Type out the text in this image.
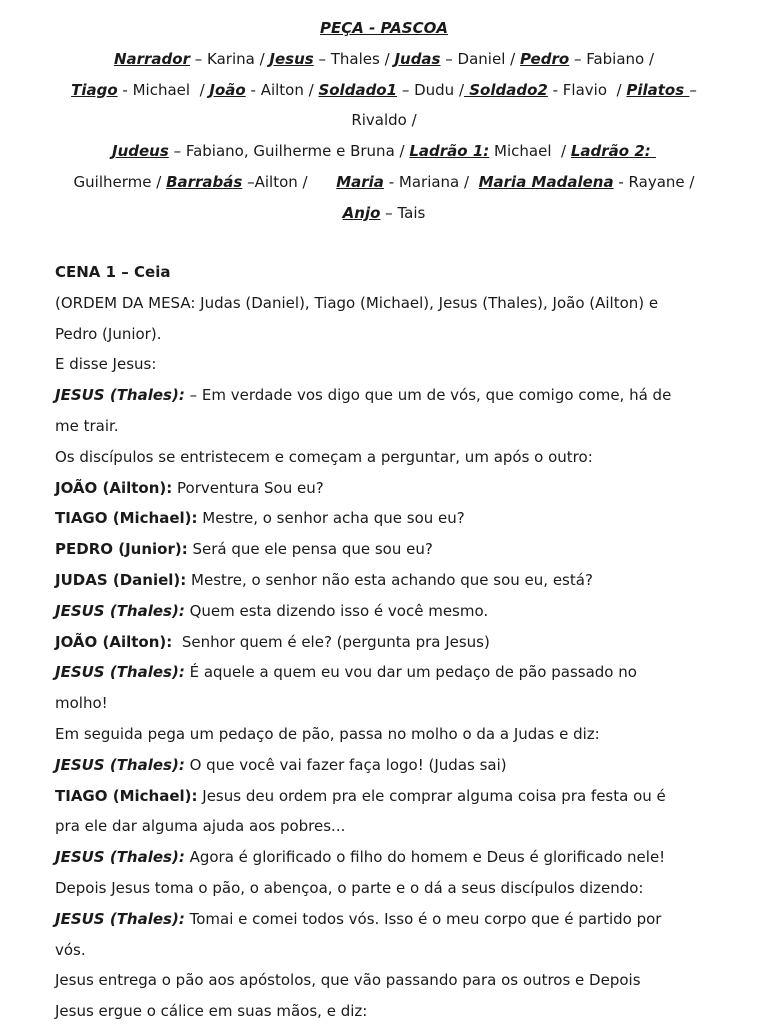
PEÇA - PASCOA
Narrador – Karina / Jesus – Thales / Judas – Daniel / Pedro – Fabiano /
Tiago - Michael  / João - Ailton / Soldado1 – Dudu / Soldado2 - Flavio  / Pilatos –
Rivaldo /
Judeus – Fabiano, Guilherme e Bruna / Ladrão 1: Michael  / Ladrão 2:
Guilherme / Barrabás –Ailton /      Maria - Mariana /  Maria Madalena - Rayane /
Anjo – Tais

CENA 1 – Ceia

(ORDEM DA MESA: Judas (Daniel), Tiago (Michael), Jesus (Thales), João (Ailton) e

Pedro (Junior).

E disse Jesus:

JESUS (Thales): – Em verdade vos digo que um de vós, que comigo come, há de

me trair.

Os discípulos se entristecem e começam a perguntar, um após o outro:

JOÃO (Ailton): Porventura Sou eu?

TIAGO (Michael): Mestre, o senhor acha que sou eu?

PEDRO (Junior): Será que ele pensa que sou eu?

JUDAS (Daniel): Mestre, o senhor não esta achando que sou eu, está?

JESUS (Thales): Quem esta dizendo isso é você mesmo.

JOÃO (Ailton):  Senhor quem é ele? (pergunta pra Jesus)

JESUS (Thales): É aquele a quem eu vou dar um pedaço de pão passado no

molho!

Em seguida pega um pedaço de pão, passa no molho o da a Judas e diz:

JESUS (Thales): O que você vai fazer faça logo! (Judas sai)

TIAGO (Michael): Jesus deu ordem pra ele comprar alguma coisa pra festa ou é

pra ele dar alguma ajuda aos pobres...

JESUS (Thales): Agora é glorificado o filho do homem e Deus é glorificado nele!

Depois Jesus toma o pão, o abençoa, o parte e o dá a seus discípulos dizendo:

JESUS (Thales): Tomai e comei todos vós. Isso é o meu corpo que é partido por

vós.

Jesus entrega o pão aos apóstolos, que vão passando para os outros e Depois

Jesus ergue o cálice em suas mãos, e diz:
